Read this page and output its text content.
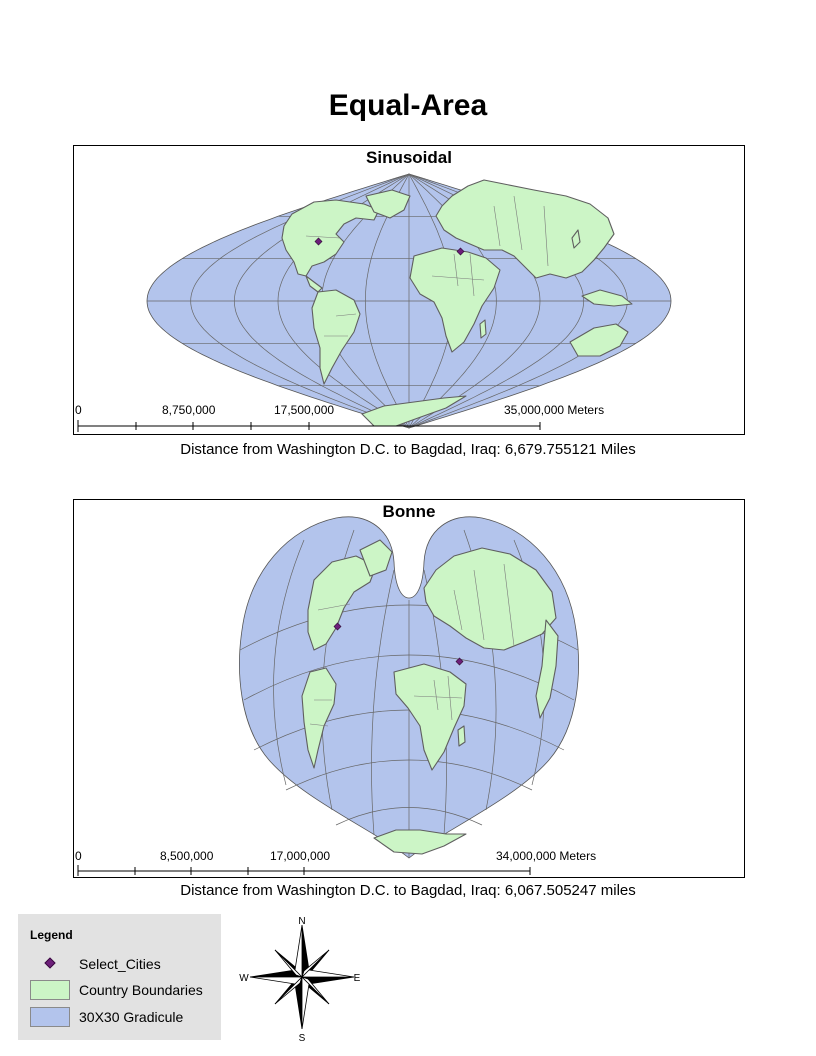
Equal-Area
Sinusoidal
0	8,750,000	17,500,000	35,000,000 Meters
Distance from Washington D.C. to Bagdad, Iraq: 6,679.755121 Miles
Bonne
0	8,500,000	17,000,000	34,000,000 Meters
Distance from Washington D.C. to Bagdad, Iraq: 6,067.505247 miles
Legend
Select_Cities
Country Boundaries
30X30 Gradicule
N
S
E
W
